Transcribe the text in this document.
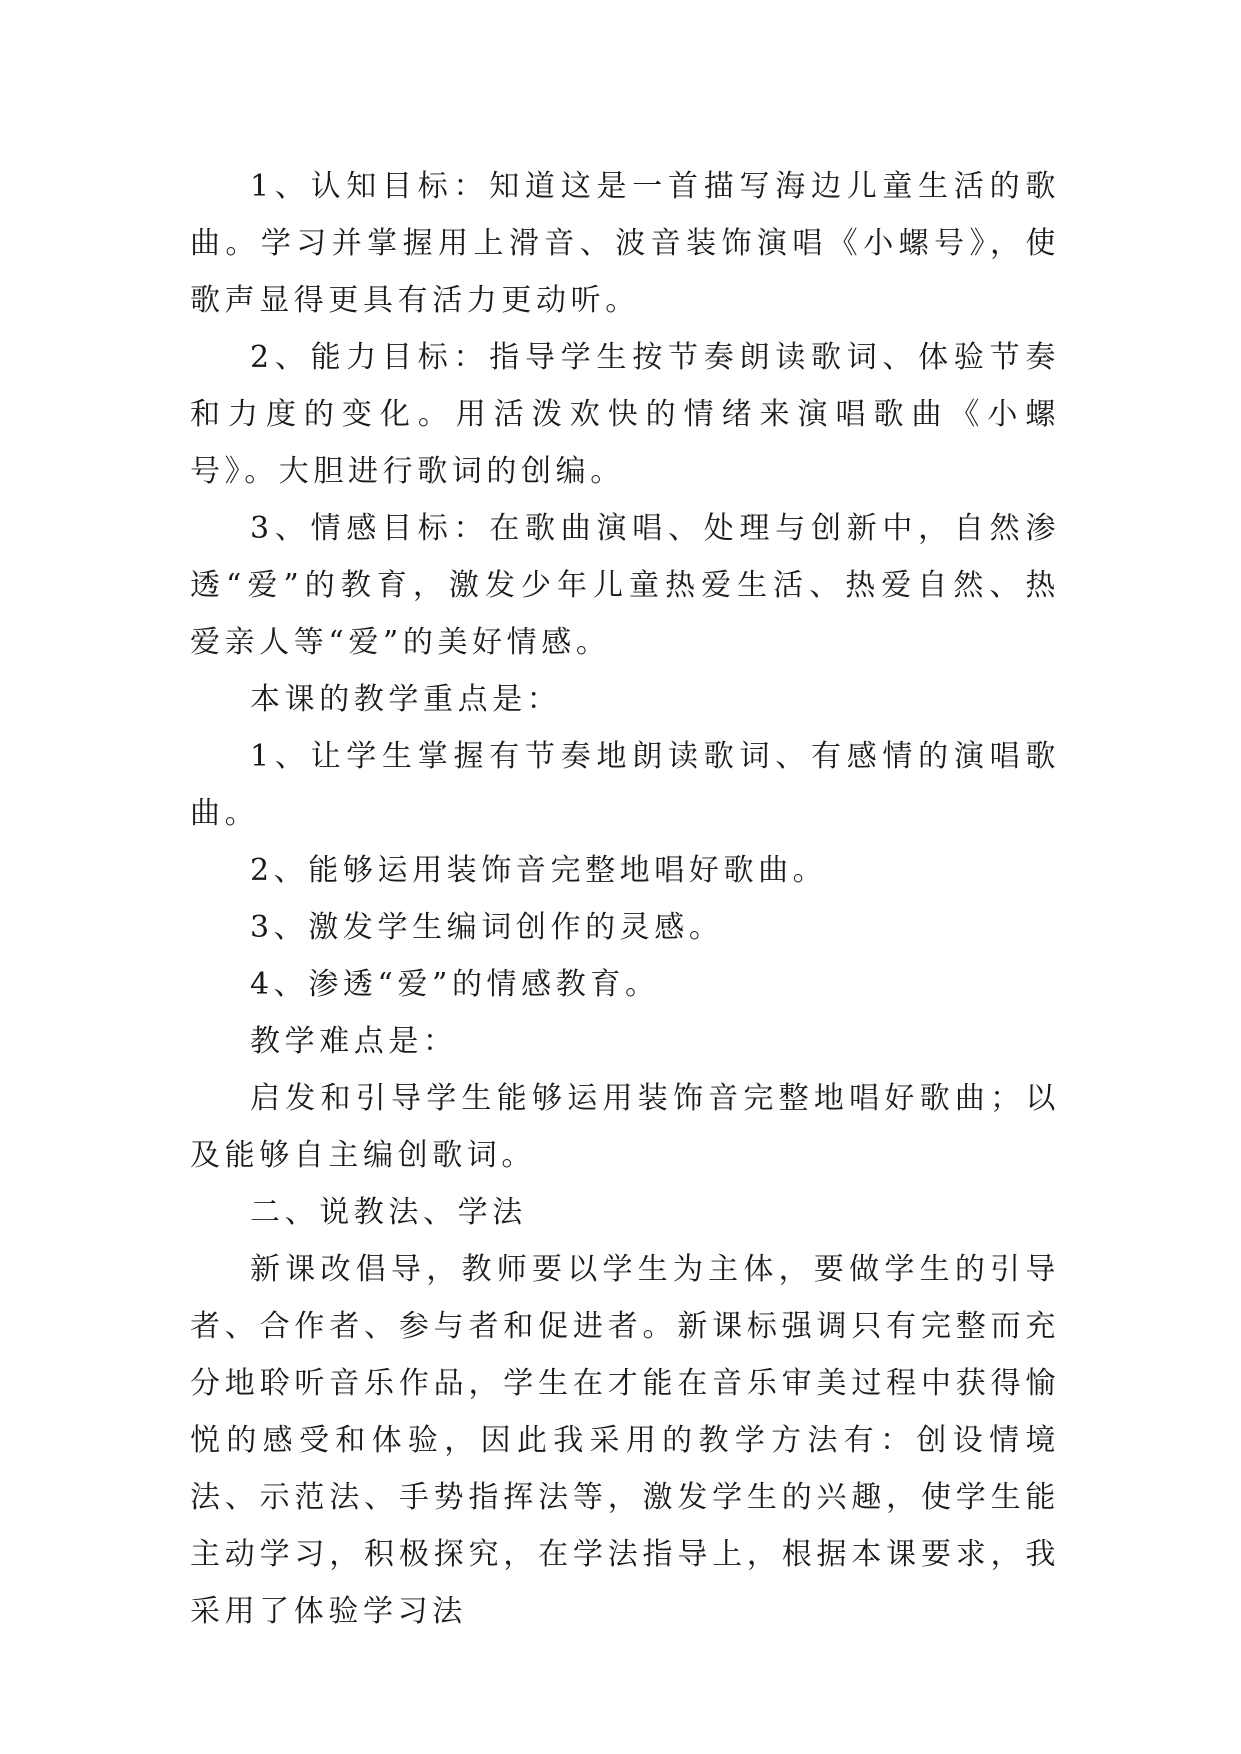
1、认知目标：知道这是一首描写海边儿童生活的歌曲。学习并掌握用上滑音、波音装饰演唱《小螺号》，使歌声显得更具有活力更动听。

2、能力目标：指导学生按节奏朗读歌词、体验节奏和力度的变化。用活泼欢快的情绪来演唱歌曲《小螺号》。大胆进行歌词的创编。

3、情感目标：在歌曲演唱、处理与创新中，自然渗透“爱”的教育，激发少年儿童热爱生活、热爱自然、热爱亲人等“爱”的美好情感。

本课的教学重点是：

1、让学生掌握有节奏地朗读歌词、有感情的演唱歌曲。

2、能够运用装饰音完整地唱好歌曲。

3、激发学生编词创作的灵感。

4、渗透“爱”的情感教育。

教学难点是：

启发和引导学生能够运用装饰音完整地唱好歌曲；以及能够自主编创歌词。

二、说教法、学法

新课改倡导，教师要以学生为主体，要做学生的引导者、合作者、参与者和促进者。新课标强调只有完整而充分地聆听音乐作品，学生在才能在音乐审美过程中获得愉悦的感受和体验，因此我采用的教学方法有：创设情境法、示范法、手势指挥法等，激发学生的兴趣，使学生能主动学习，积极探究，在学法指导上，根据本课要求，我采用了体验学习法
